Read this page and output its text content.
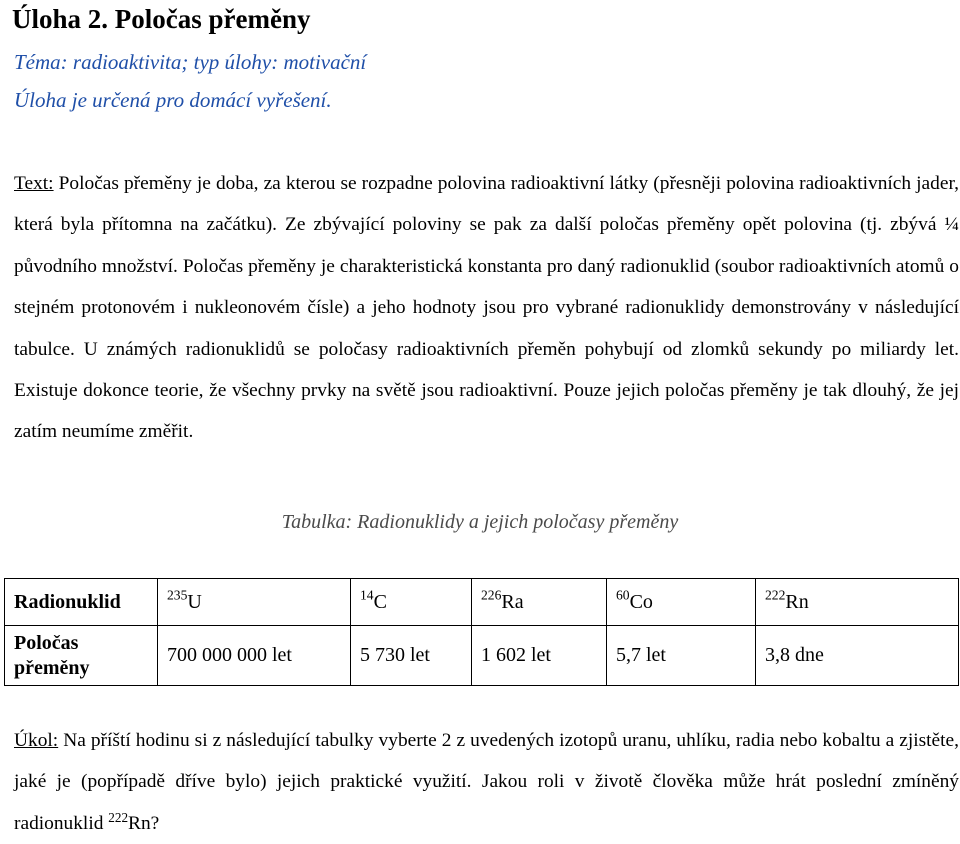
Úloha 2. Poločas přeměny
Téma: radioaktivita; typ úlohy: motivační
Úloha je určená pro domácí vyřešení.
Text: Poločas přeměny je doba, za kterou se rozpadne polovina radioaktivní látky (přesněji polovina radioaktivních jader, která byla přítomna na začátku). Ze zbývající poloviny se pak za další poločas přeměny opět polovina (tj. zbývá ¼ původního množství. Poločas přeměny je charakteristická konstanta pro daný radionuklid (soubor radioaktivních atomů o stejném protonovém i nukleonovém čísle) a jeho hodnoty jsou pro vybrané radionuklidy demonstrovány v následující tabulce. U známých radionuklidů se poločasy radioaktivních přeměn pohybují od zlomků sekundy po miliardy let. Existuje dokonce teorie, že všechny prvky na světě jsou radioaktivní. Pouze jejich poločas přeměny je tak dlouhý, že jej zatím neumíme změřit.
Tabulka: Radionuklidy a jejich poločasy přeměny
Radionuklid	$^{235}$U	$^{14}$C	$^{226}$Ra	$^{60}$Co	$^{222}$Rn
Poločas přeměny	700 000 000 let	5 730 let	1 602 let	5,7 let	3,8 dne
Úkol: Na příští hodinu si z následující tabulky vyberte 2 z uvedených izotopů uranu, uhlíku, radia nebo kobaltu a zjistěte, jaké je (popřípadě dříve bylo) jejich praktické využití. Jakou roli v životě člověka může hrát poslední zmíněný radionuklid $^{222}$Rn?
